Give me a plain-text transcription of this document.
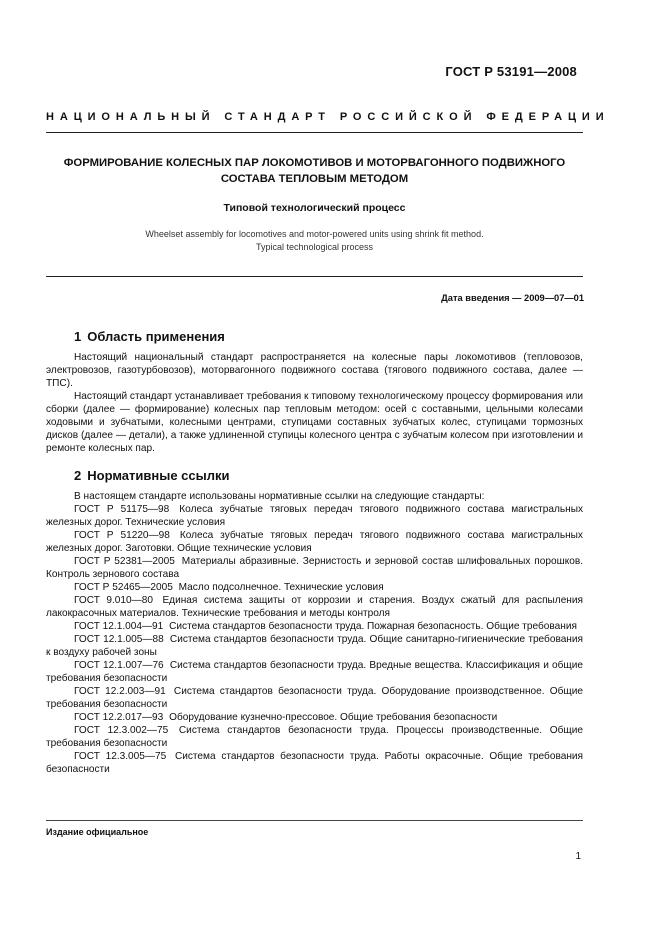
ГОСТ Р 53191—2008
НАЦИОНАЛЬНЫЙ СТАНДАРТ РОССИЙСКОЙ ФЕДЕРАЦИИ
ФОРМИРОВАНИЕ КОЛЕСНЫХ ПАР ЛОКОМОТИВОВ И МОТОРВАГОННОГО ПОДВИЖНОГО
СОСТАВА ТЕПЛОВЫМ МЕТОДОМ
Типовой технологический процесс
Wheelset assembly for locomotives and motor-powered units using shrink fit method.
Typical technological process
Дата введения — 2009—07—01
1 Область применения

Настоящий национальный стандарт распространяется на колесные пары локомотивов (тепловозов, электровозов, газотурбовозов), моторвагонного подвижного состава (тягового подвижного состава, далее — ТПС).

Настоящий стандарт устанавливает требования к типовому технологическому процессу формирования или сборки (далее — формирование) колесных пар тепловым методом: осей с составными, цельными колесами ходовыми и зубчатыми, колесными центрами, ступицами составных зубчатых колес, ступицами тормозных дисков (далее — детали), а также удлиненной ступицы колесного центра с зубчатым колесом при изготовлении и ремонте колесных пар.

2 Нормативные ссылки

В настоящем стандарте использованы нормативные ссылки на следующие стандарты:

ГОСТ Р 51175—98 Колеса зубчатые тяговых передач тягового подвижного состава магистральных железных дорог. Технические условия

ГОСТ Р 51220—98 Колеса зубчатые тяговых передач тягового подвижного состава магистральных железных дорог. Заготовки. Общие технические условия

ГОСТ Р 52381—2005 Материалы абразивные. Зернистость и зерновой состав шлифовальных порошков. Контроль зернового состава

ГОСТ Р 52465—2005 Масло подсолнечное. Технические условия

ГОСТ 9.010—80 Единая система защиты от коррозии и старения. Воздух сжатый для распыления лакокрасочных материалов. Технические требования и методы контроля

ГОСТ 12.1.004—91 Система стандартов безопасности труда. Пожарная безопасность. Общие требования

ГОСТ 12.1.005—88 Система стандартов безопасности труда. Общие санитарно-гигиенические требования к воздуху рабочей зоны

ГОСТ 12.1.007—76 Система стандартов безопасности труда. Вредные вещества. Классификация и общие требования безопасности

ГОСТ 12.2.003—91 Система стандартов безопасности труда. Оборудование производственное. Общие требования безопасности

ГОСТ 12.2.017—93 Оборудование кузнечно-прессовое. Общие требования безопасности

ГОСТ 12.3.002—75 Система стандартов безопасности труда. Процессы производственные. Общие требования безопасности

ГОСТ 12.3.005—75 Система стандартов безопасности труда. Работы окрасочные. Общие требования безопасности

Издание официальное
1
